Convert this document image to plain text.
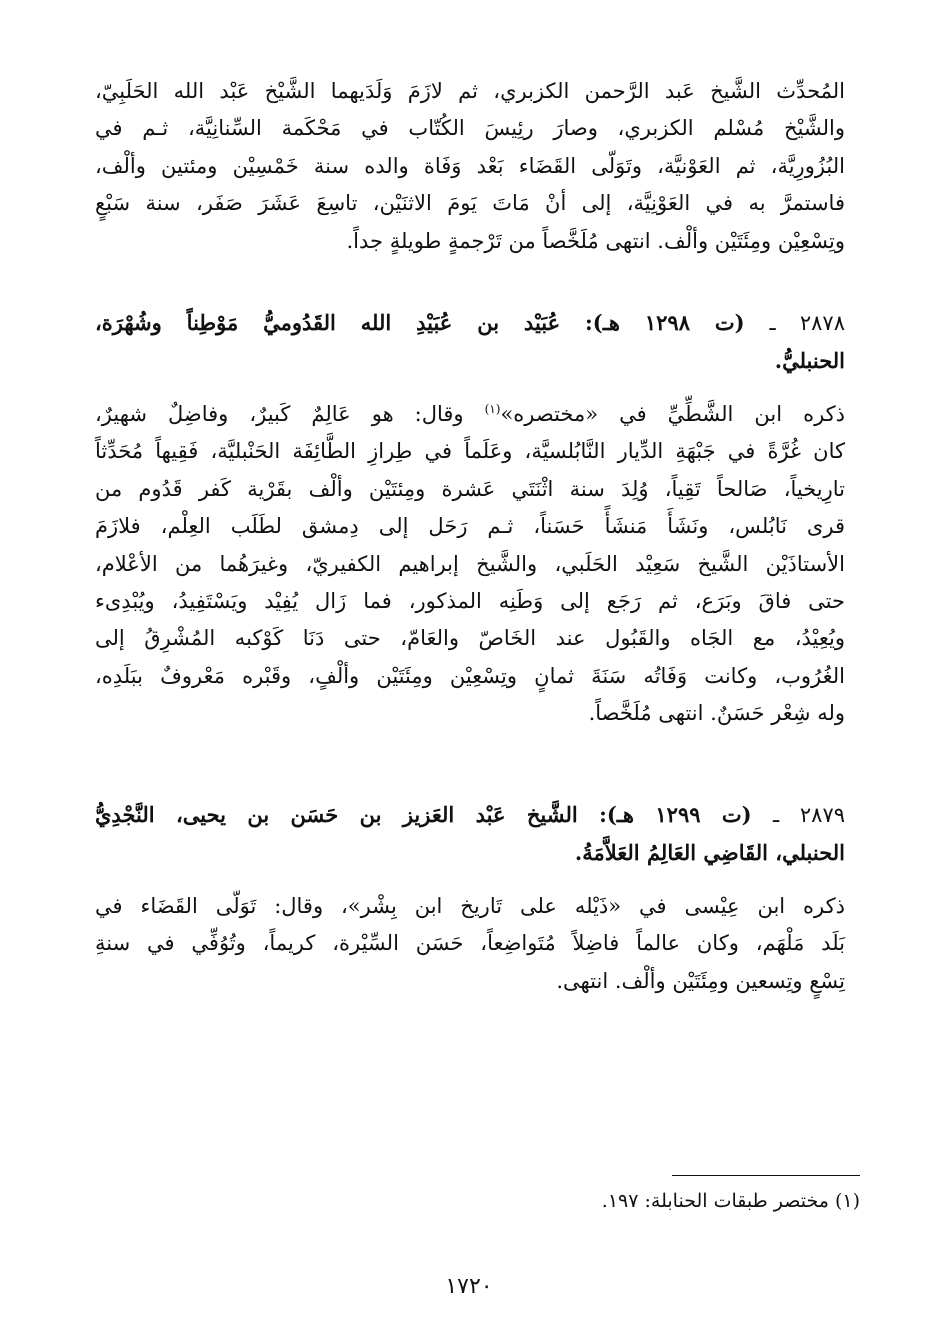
المُحدِّث الشَّيخ عَبد الرَّحمن الكزبري، ثم لازَمَ وَلَدَيهما الشَّيْخ عَبْد الله الحَلَبِيّ،
والشَّيْخ مُسْلم الكزبري، وصارَ رئِيسَ الكُتّاب في مَحْكَمة السِّنانِيَّة، ثـم في
البُزُورِيَّة، ثم العَوْنيَّة، وتَوَلّى القَضَاء بَعْد وَفَاة والده سنة خَمْسِيْن ومئتين وألْف،
فاستمرَّ به في العَوْنِيَّة، إلى أنْ مَاتَ يَومَ الاثنَيْن، تاسِعَ عَشَرَ صَفَر، سنة سَبْعٍ
وتِسْعِيْن ومِئَتَيْن وألْف. انتهى مُلَخَّصاً من تَرْجمةٍ طويلةٍ جداً.
٢٨٧٨ ـ (ت ١٢٩٨ هـ): عُبَيْد بن عُبَيْدِ الله القَدُوميُّ مَوْطِناً وشُهْرَة،
الحنبليُّ.
ذكره ابن الشَّطِّيِّ في «مختصره»$^{(١)}$ وقال: هو عَالِمٌ كَبيرٌ، وفاضِلٌ شهيرٌ،
كان غُرَّةً في جَبْهَةِ الدِّيار النَّابُلسيَّة، وعَلَماً في طِرازِ الطَّائِفَة الحَنْبليَّة، فَقِيهاً مُحَدِّثاً
تارِيخياً، صَالحاً تَقِياً، وُلِدَ سنة اثْنَتَي عَشرة ومِئتَيْن وألْف بقَرْية كَفر قَدُوم من
قرى نَابُلس، ونَشَأَ مَنشَأً حَسَناً، ثـم رَحَل إلى دِمشق لطَلَب العِلْم، فلازَمَ
الأستاذَيْن الشَّيخ سَعِيْد الحَلَبي، والشَّيخ إبراهيم الكفيريّ، وغيرَهُما من الأعْلام،
حتى فاقَ وبَرَع، ثم رَجَع إلى وَطَنِه المذكور، فما زَال يُفِيْد ويَسْتَفِيدُ، ويُبْدِىء
ويُعِيْدُ، مع الجَاه والقَبُول عند الخَاصّ والعَامّ، حتى دَنَا كَوْكبه المُشْرِقُ إلى
الغُرُوب، وكانت وَفَاتُه سَنَةَ ثمانٍ وتِسْعِيْن ومِئَتَيْن وألْفٍ، وقَبْره مَعْروفٌ ببَلَدِه،
وله شِعْر حَسَنٌ. انتهى مُلَخَّصاً.
٢٨٧٩ ـ (ت ١٢٩٩ هـ): الشَّيخ عَبْد العَزيز بن حَسَن بن يحيى، النَّجْدِيُّ
الحنبلي، القَاضِي العَالِمُ العَلاَّمَةُ.
ذكره ابن عِيْسى في «ذَيْله على تَاريخ ابن بِشْر»، وقال: تَوَلّى القَضَاء في
بَلَد مَلْهَم، وكان عالماً فاضِلاً مُتَواضِعاً، حَسَن السِّيْرة، كريماً، وتُوُفِّي في سنةِ
تِسْعٍ وتِسعين ومِئَتَيْن وألْف. انتهى.
(١) مختصر طبقات الحنابلة: ١٩٧.
١٧٢٠
